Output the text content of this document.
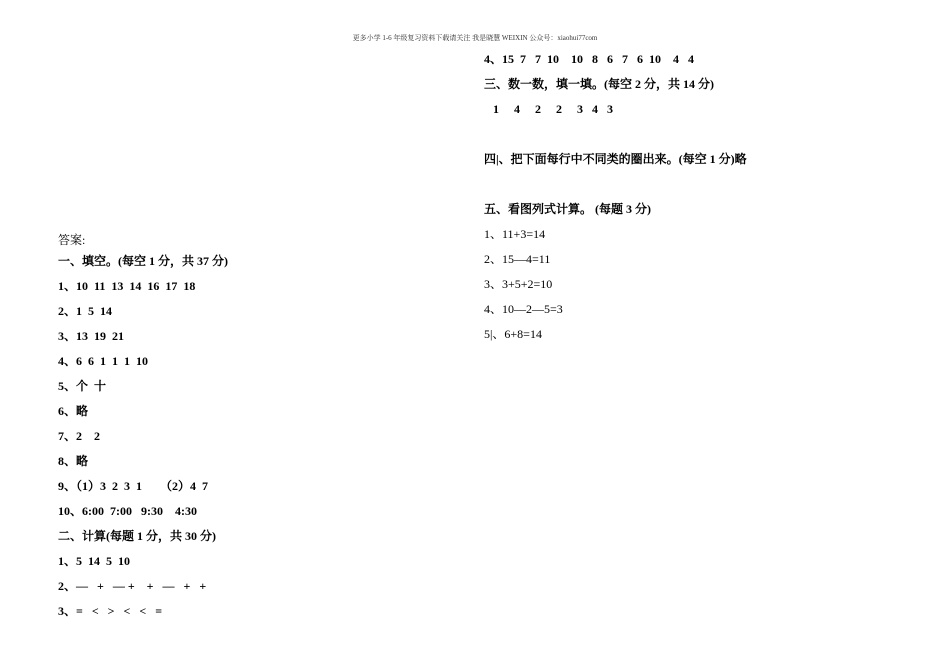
更多小学 1-6 年级复习资料下载请关注 我是晓慧 WEIXIN 公众号：xiaohui77com
答案:
一、填空。(每空 1 分，共 37 分)
1、10  11  13  14  16  17  18
2、1  5  14
3、13  19  21
4、6  6  1  1  1  10
5、个  十
6、略
7、2    2
8、略
9、（1）3  2  3  1      （2）4  7
10、6:00  7:00   9:30    4:30
二、计算(每题 1 分，共 30 分)
1、5  14  5  10
2、—   +   — +    +   —   +   +
3、=   <   >   <   <   =
4、15  7   7  10    10   8   6   7   6  10    4   4
三、数一数，填一填。(每空 2 分，共 14 分)
1     4     2     2     3   4   3
四|、把下面每行中不同类的圈出来。(每空 1 分)略
五、看图列式计算。 (每题 3 分)
1、11+3=14
2、15—4=11
3、3+5+2=10
4、10—2—5=3
5|、6+8=14
